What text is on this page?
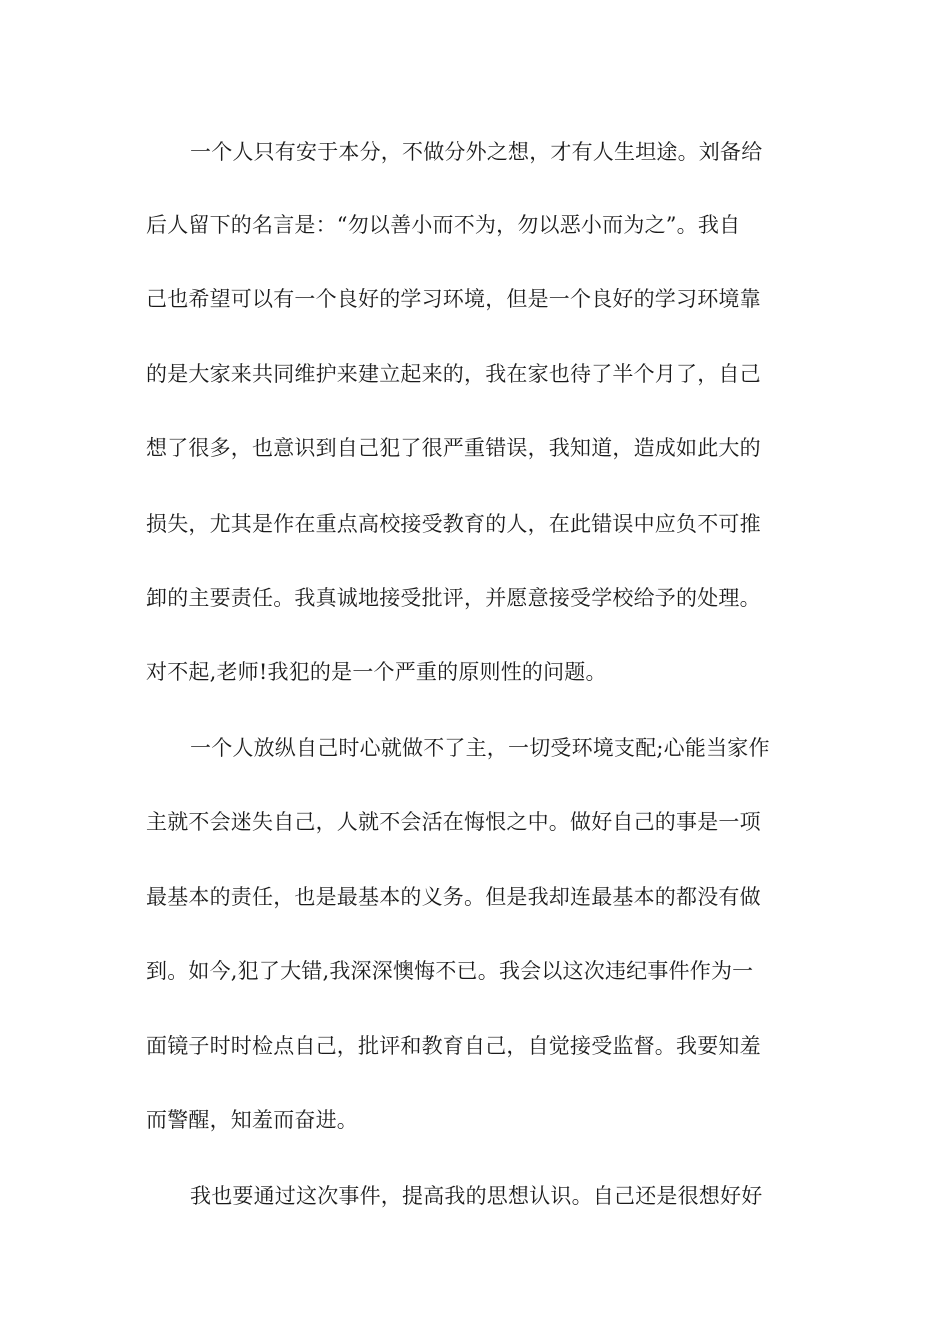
一个人只有安于本分，不做分外之想，才有人生坦途。刘备给
后人留下的名言是：“勿以善小而不为，勿以恶小而为之”。我自
己也希望可以有一个良好的学习环境，但是一个良好的学习环境靠
的是大家来共同维护来建立起来的，我在家也待了半个月了，自己
想了很多，也意识到自己犯了很严重错误，我知道，造成如此大的
损失，尤其是作在重点高校接受教育的人，在此错误中应负不可推
卸的主要责任。我真诚地接受批评，并愿意接受学校给予的处理。
对不起,老师!我犯的是一个严重的原则性的问题。
一个人放纵自己时心就做不了主，一切受环境支配;心能当家作
主就不会迷失自己，人就不会活在悔恨之中。做好自己的事是一项
最基本的责任，也是最基本的义务。但是我却连最基本的都没有做
到。如今,犯了大错,我深深懊悔不已。我会以这次违纪事件作为一
面镜子时时检点自己，批评和教育自己，自觉接受监督。我要知羞
而警醒，知羞而奋进。
我也要通过这次事件，提高我的思想认识。自己还是很想好好
